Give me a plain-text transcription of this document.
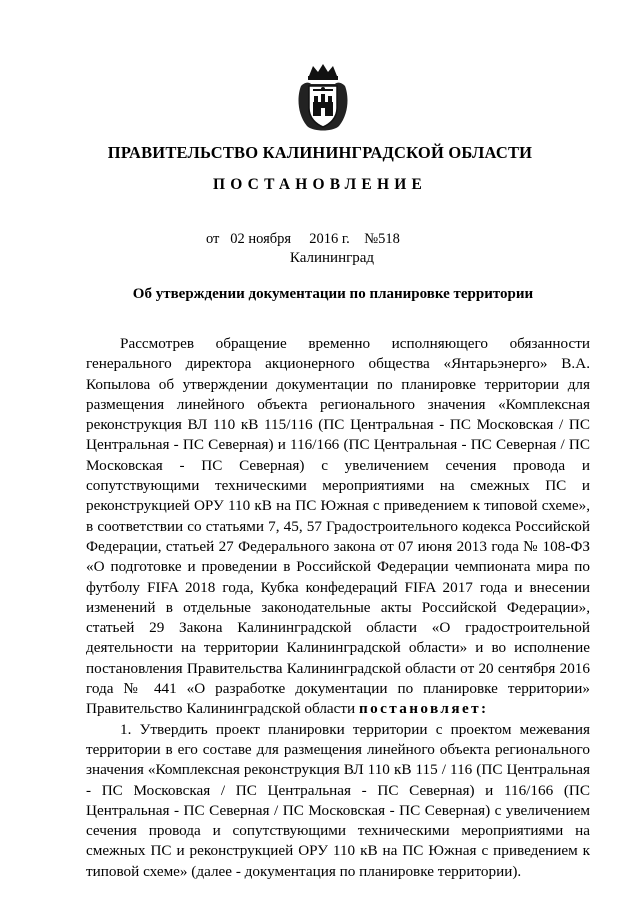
ПРАВИТЕЛЬСТВО КАЛИНИНГРАДСКОЙ ОБЛАСТИ
ПОСТАНОВЛЕНИЕ
от 02 ноября 2016 г. №518
Калининград
Об утверждении документации по планировке территории

Рассмотрев обращение временно исполняющего обязанности генерального директора акционерного общества «Янтарьэнерго» В.А. Копылова об утверждении документации по планировке территории для размещения линейного объекта регионального значения «Комплексная реконструкция ВЛ 110 кВ 115/116 (ПС Центральная - ПС Московская / ПС Центральная - ПС Северная) и 116/166 (ПС Центральная - ПС Северная / ПС Московская - ПС Северная) с увеличением сечения провода и сопутствующими техническими мероприятиями на смежных ПС и реконструкцией ОРУ 110 кВ на ПС Южная с приведением к типовой схеме», в соответствии со статьями 7, 45, 57 Градостроительного кодекса Российской Федерации, статьей 27 Федерального закона от 07 июня 2013 года № 108-ФЗ «О подготовке и проведении в Российской Федерации чемпионата мира по футболу FIFA 2018 года, Кубка конфедераций FIFA 2017 года и внесении изменений в отдельные законодательные акты Российской Федерации», статьей 29 Закона Калининградской области «О градостроительной деятельности на территории Калининградской области» и во исполнение постановления Правительства Калининградской области от 20 сентября 2016 года № 441 «О разработке документации по планировке территории» Правительство Калининградской области постановляет:

1. Утвердить проект планировки территории с проектом межевания территории в его составе для размещения линейного объекта регионального значения «Комплексная реконструкция ВЛ 110 кВ 115 / 116 (ПС Центральная - ПС Московская / ПС Центральная - ПС Северная) и 116/166 (ПС Центральная - ПС Северная / ПС Московская - ПС Северная) с увеличением сечения провода и сопутствующими техническими мероприятиями на смежных ПС и реконструкцией ОРУ 110 кВ на ПС Южная с приведением к типовой схеме» (далее - документация по планировке территории).
